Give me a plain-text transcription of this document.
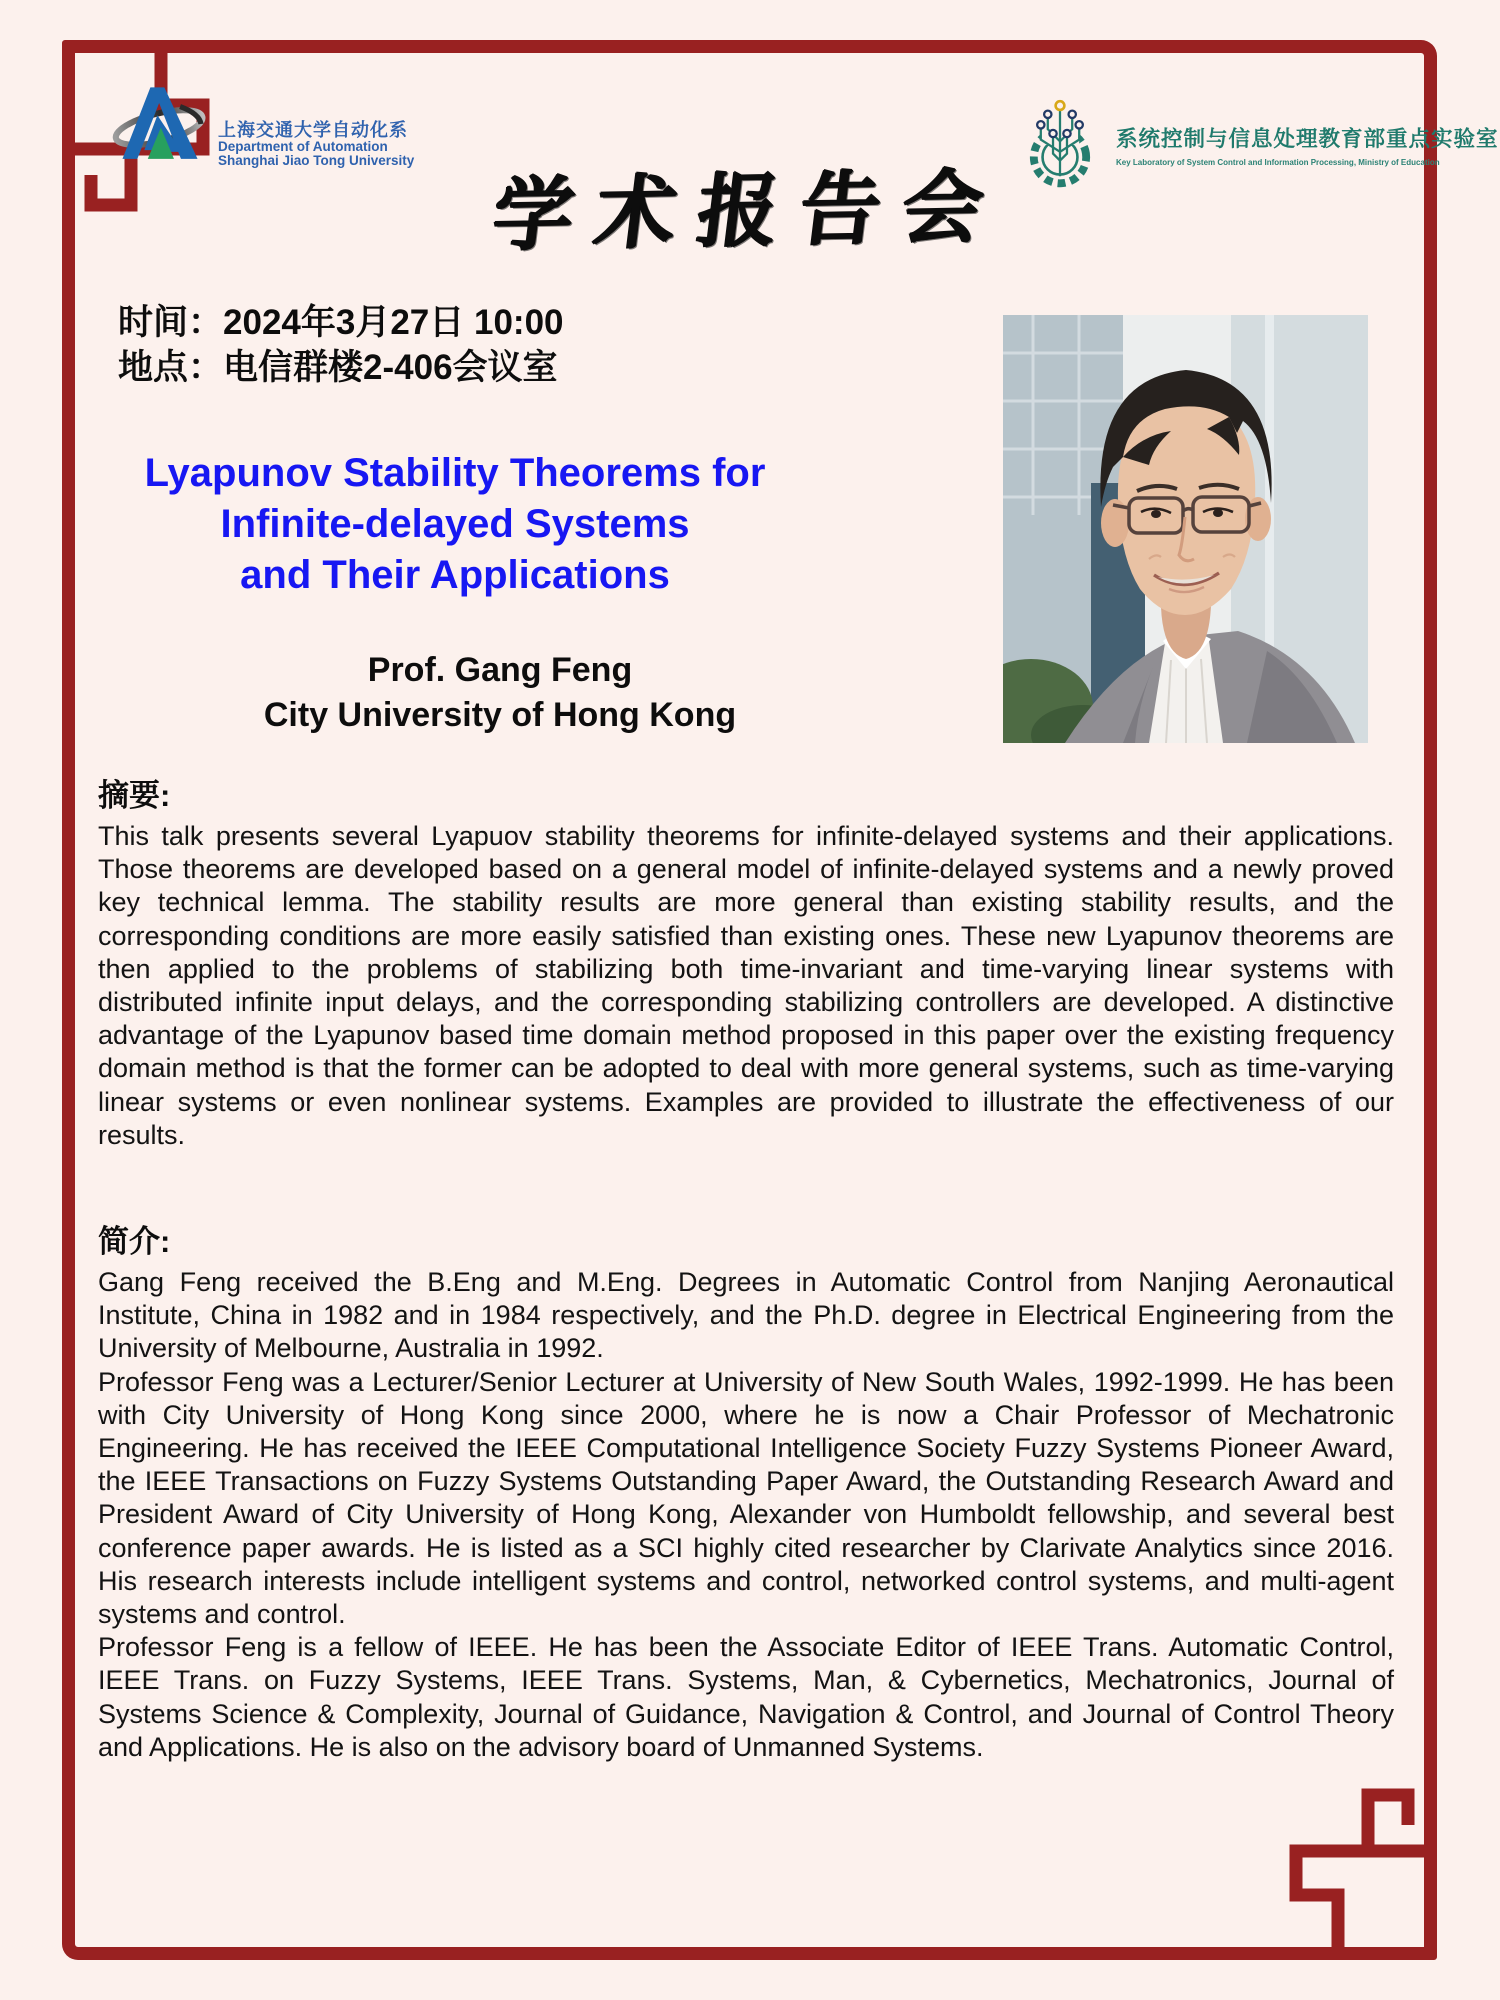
上海交通大学自动化系
Department of Automation
Shanghai Jiao Tong University
系统控制与信息处理教育部重点实验室
Key Laboratory of System Control and Information Processing, Ministry of Education
学术报告会
时间：2024年3月27日 10:00
地点：电信群楼2-406会议室
Lyapunov Stability Theorems for
Infinite-delayed Systems
and Their Applications
Prof. Gang Feng
City University of Hong Kong
摘要:
This talk presents several Lyapuov stability theorems for infinite-delayed systems and their applications. Those theorems are developed based on a general model of infinite-delayed systems and a newly proved key technical lemma. The stability results are more general than existing stability results, and the corresponding conditions are more easily satisfied than existing ones. These new Lyapunov theorems are then applied to the problems of stabilizing both time-invariant and time-varying linear systems with distributed infinite input delays, and the corresponding stabilizing controllers are developed. A distinctive advantage of the Lyapunov based time domain method proposed in this paper over the existing frequency domain method is that the former can be adopted to deal with more general systems, such as time-varying linear systems or even nonlinear systems. Examples are provided to illustrate the effectiveness of our results.
简介:

Gang Feng received the B.Eng and M.Eng. Degrees in Automatic Control from Nanjing Aeronautical Institute, China in 1982 and in 1984 respectively, and the Ph.D. degree in Electrical Engineering from the University of Melbourne, Australia in 1992.

Professor Feng was a Lecturer/Senior Lecturer at University of New South Wales, 1992-1999. He has been with City University of Hong Kong since 2000, where he is now a Chair Professor of Mechatronic Engineering. He has received the IEEE Computational Intelligence Society Fuzzy Systems Pioneer Award, the IEEE Transactions on Fuzzy Systems Outstanding Paper Award, the Outstanding Research Award and President Award of City University of Hong Kong, Alexander von Humboldt fellowship, and several best conference paper awards. He is listed as a SCI highly cited researcher by Clarivate Analytics since 2016. His research interests include intelligent systems and control, networked control systems, and multi-agent systems and control.

Professor Feng is a fellow of IEEE. He has been the Associate Editor of IEEE Trans. Automatic Control, IEEE Trans. on Fuzzy Systems, IEEE Trans. Systems, Man, & Cybernetics, Mechatronics, Journal of Systems Science & Complexity, Journal of Guidance, Navigation & Control, and Journal of Control Theory and Applications. He is also on the advisory board of Unmanned Systems.
